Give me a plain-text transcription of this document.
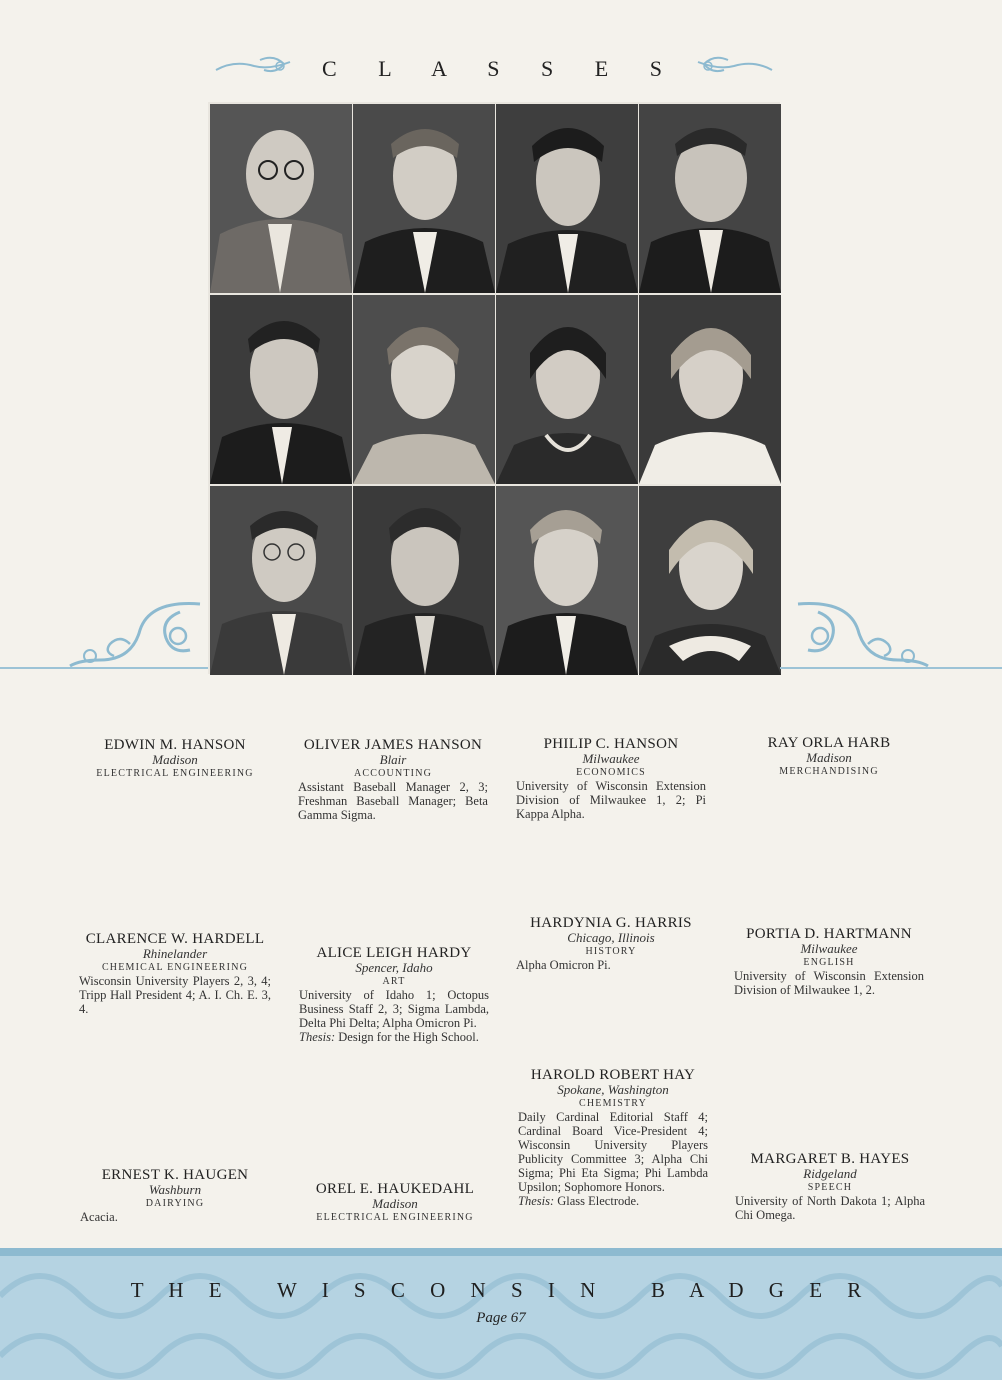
C L A S S E S
EDWIN M. HANSON
Madison
ELECTRICAL ENGINEERING
OLIVER JAMES HANSON
Blair
ACCOUNTING
Assistant Baseball Manager 2, 3; Freshman Baseball Manager; Beta Gamma Sigma.
PHILIP C. HANSON
Milwaukee
ECONOMICS
University of Wisconsin Extension Division of Milwaukee 1, 2; Pi Kappa Alpha.
RAY ORLA HARB
Madison
MERCHANDISING
CLARENCE W. HARDELL
Rhinelander
CHEMICAL ENGINEERING
Wisconsin University Players 2, 3, 4; Tripp Hall President 4; A. I. Ch. E. 3, 4.
ALICE LEIGH HARDY
Spencer, Idaho
ART
University of Idaho 1; Octopus Business Staff 2, 3; Sigma Lambda, Delta Phi Delta; Alpha Omicron Pi.
Thesis: Design for the High School.
HARDYNIA G. HARRIS
Chicago, Illinois
HISTORY
Alpha Omicron Pi.
PORTIA D. HARTMANN
Milwaukee
ENGLISH
University of Wisconsin Extension Division of Milwaukee 1, 2.
ERNEST K. HAUGEN
Washburn
DAIRYING
Acacia.
OREL E. HAUKEDAHL
Madison
ELECTRICAL ENGINEERING
HAROLD ROBERT HAY
Spokane, Washington
CHEMISTRY
Daily Cardinal Editorial Staff 4; Cardinal Board Vice-President 4; Wisconsin University Players Publicity Committee 3; Alpha Chi Sigma; Phi Eta Sigma; Phi Lambda Upsilon; Sophomore Honors.
Thesis: Glass Electrode.
MARGARET B. HAYES
Ridgeland
SPEECH
University of North Dakota 1; Alpha Chi Omega.
T H E   W I S C O N S I N   B A D G E R
Page 67
